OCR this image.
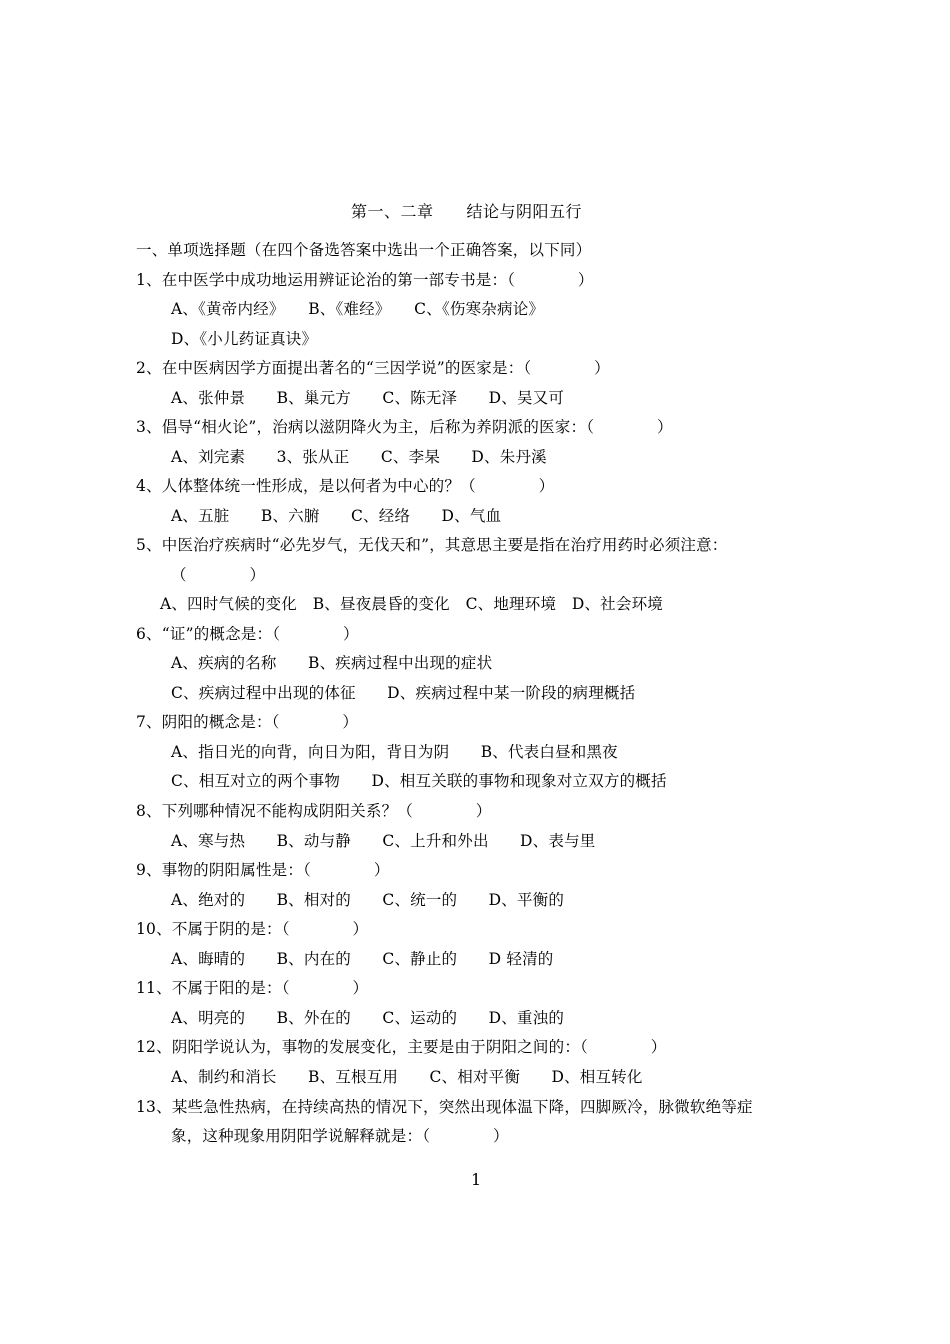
第一、二章　　结论与阴阳五行
一、单项选择题（在四个备选答案中选出一个正确答案，以下同）
1、在中医学中成功地运用辨证论治的第一部专书是：（　　　　）
A、《黄帝内经》　　B、《难经》　　C、《伤寒杂病论》
D、《小儿药证真诀》
2、在中医病因学方面提出著名的“三因学说”的医家是：（　　　　）
A、张仲景　　B、巢元方　　C、陈无泽　　D、吴又可
3、倡导“相火论”，治病以滋阴降火为主，后称为养阴派的医家：（　　　　）
A、刘完素　　3、张从正　　C、李杲　　D、朱丹溪
4、人体整体统一性形成，是以何者为中心的？（　　　　）
A、五脏　　B、六腑　　C、经络　　D、气血
5、中医治疗疾病时“必先岁气，无伐天和”，其意思主要是指在治疗用药时必须注意：
（　　　　）
A、四时气候的变化　B、昼夜晨昏的变化　C、地理环境　D、社会环境
6、“证”的概念是：（　　　　）
A、疾病的名称　　B、疾病过程中出现的症状
C、疾病过程中出现的体征　　D、疾病过程中某一阶段的病理概括
7、阴阳的概念是：（　　　　）
A、指日光的向背，向日为阳，背日为阴　　B、代表白昼和黑夜
C、相互对立的两个事物　　D、相互关联的事物和现象对立双方的概括
8、下列哪种情况不能构成阴阳关系？（　　　　）
A、寒与热　　B、动与静　　C、上升和外出　　D、表与里
9、事物的阴阳属性是：（　　　　）
A、绝对的　　B、相对的　　C、统一的　　D、平衡的
10、不属于阴的是：（　　　　）
A、晦晴的　　B、内在的　　C、静止的　　D 轻清的
11、不属于阳的是：（　　　　）
A、明亮的　　B、外在的　　C、运动的　　D、重浊的
12、阴阳学说认为，事物的发展变化，主要是由于阴阳之间的：（　　　　）
A、制约和消长　　B、互根互用　　C、相对平衡　　D、相互转化
13、某些急性热病，在持续高热的情况下，突然出现体温下降，四脚厥冷，脉微软绝等症
象，这种现象用阴阳学说解释就是：（　　　　）
1
